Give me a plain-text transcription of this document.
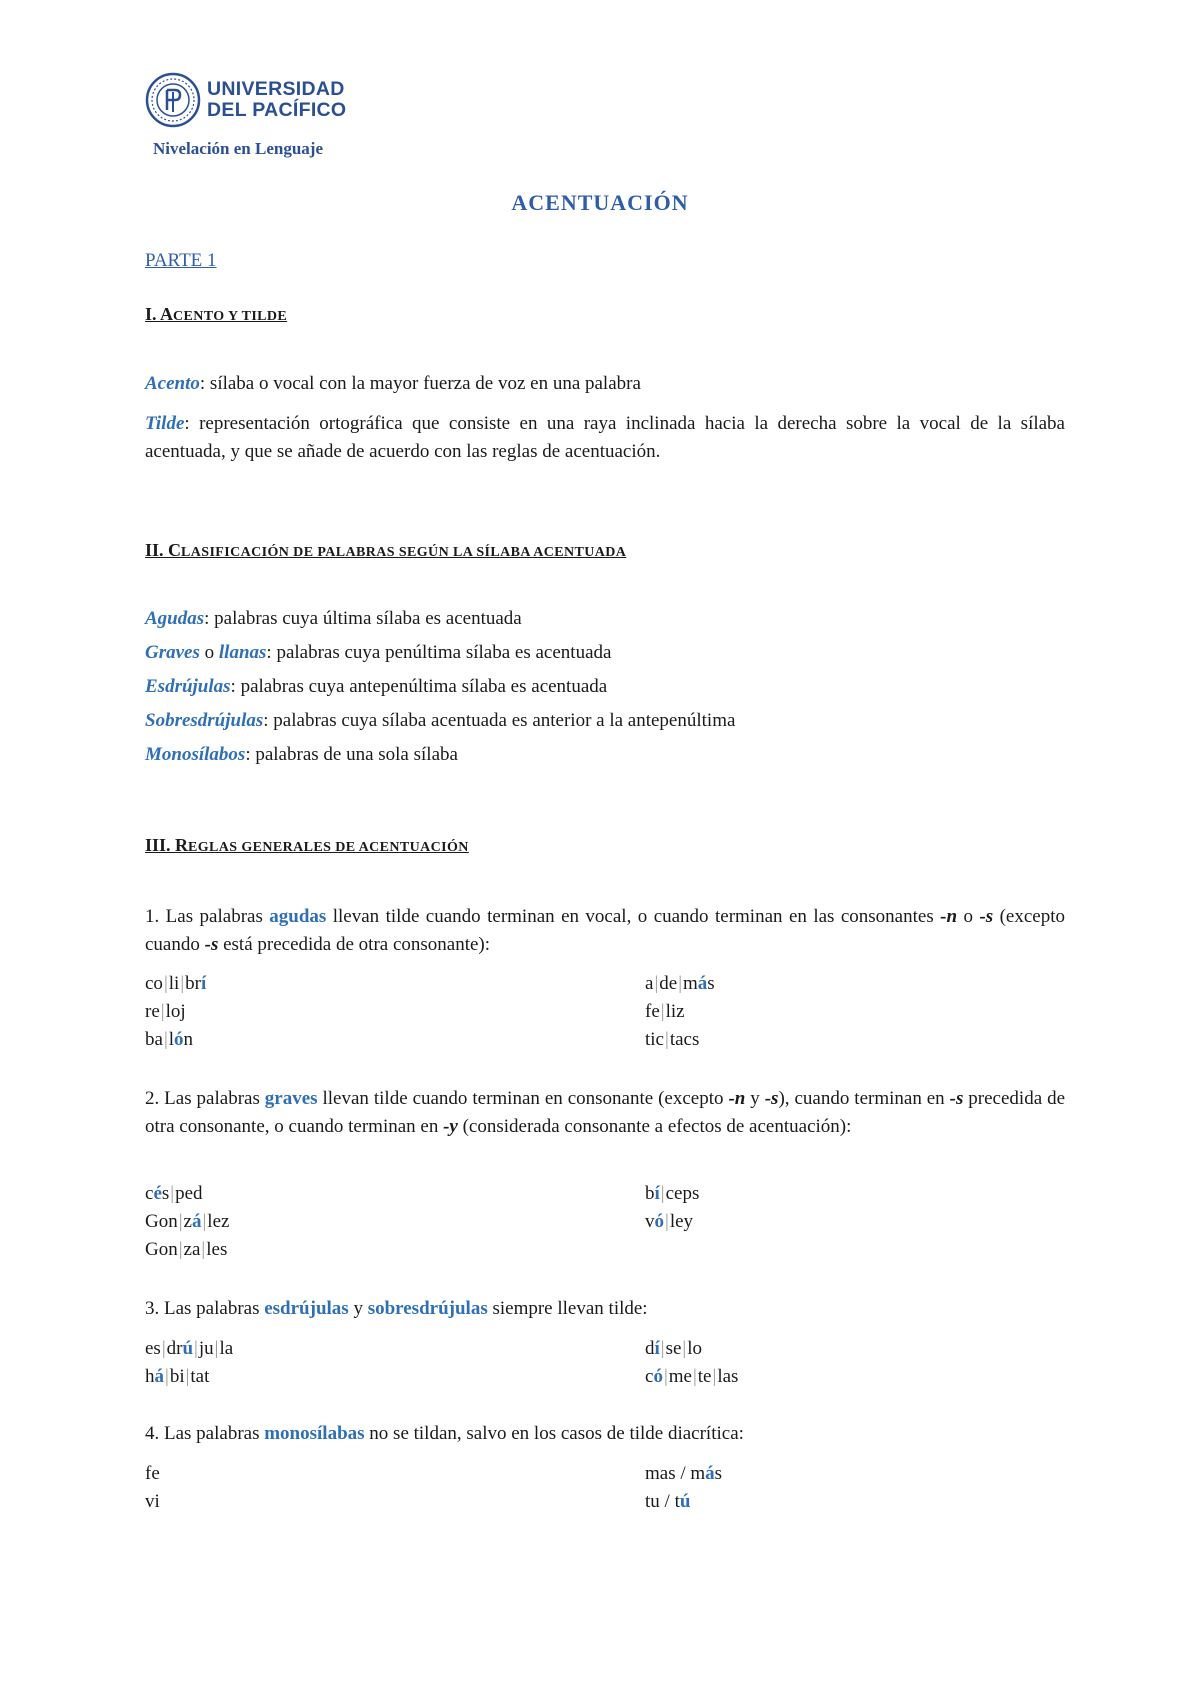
UNIVERSIDAD
DEL PACÍFICO
Nivelación en Lenguaje
ACENTUACIÓN
PARTE 1
I. ACENTO Y TILDE
Acento: sílaba o vocal con la mayor fuerza de voz en una palabra
Tilde: representación ortográfica que consiste en una raya inclinada hacia la derecha sobre la vocal de la sílaba acentuada, y que se añade de acuerdo con las reglas de acentuación.
II. CLASIFICACIÓN DE PALABRAS SEGÚN LA SÍLABA ACENTUADA
Agudas: palabras cuya última sílaba es acentuada
Graves o llanas: palabras cuya penúltima sílaba es acentuada
Esdrújulas: palabras cuya antepenúltima sílaba es acentuada
Sobresdrújulas: palabras cuya sílaba acentuada es anterior a la antepenúltima
Monosílabos: palabras de una sola sílaba
III. REGLAS GENERALES DE ACENTUACIÓN
1. Las palabras agudas llevan tilde cuando terminan en vocal, o cuando terminan en las consonantes -n o -s (excepto cuando -s está precedida de otra consonante):
co|li|brí	a|de|más
re|loj	fe|liz
ba|lón	tic|tacs
2. Las palabras graves llevan tilde cuando terminan en consonante (excepto -n y -s), cuando terminan en -s precedida de otra consonante, o cuando terminan en -y (considerada consonante a efectos de acentuación):
cés|ped	bí|ceps
Gon|zá|lez	vó|ley
Gon|za|les
3. Las palabras esdrújulas y sobresdrújulas siempre llevan tilde:
es|drú|ju|la	dí|se|lo
há|bi|tat	có|me|te|las
4. Las palabras monosílabas no se tildan, salvo en los casos de tilde diacrítica:
fe	mas / más
vi	tu / tú
